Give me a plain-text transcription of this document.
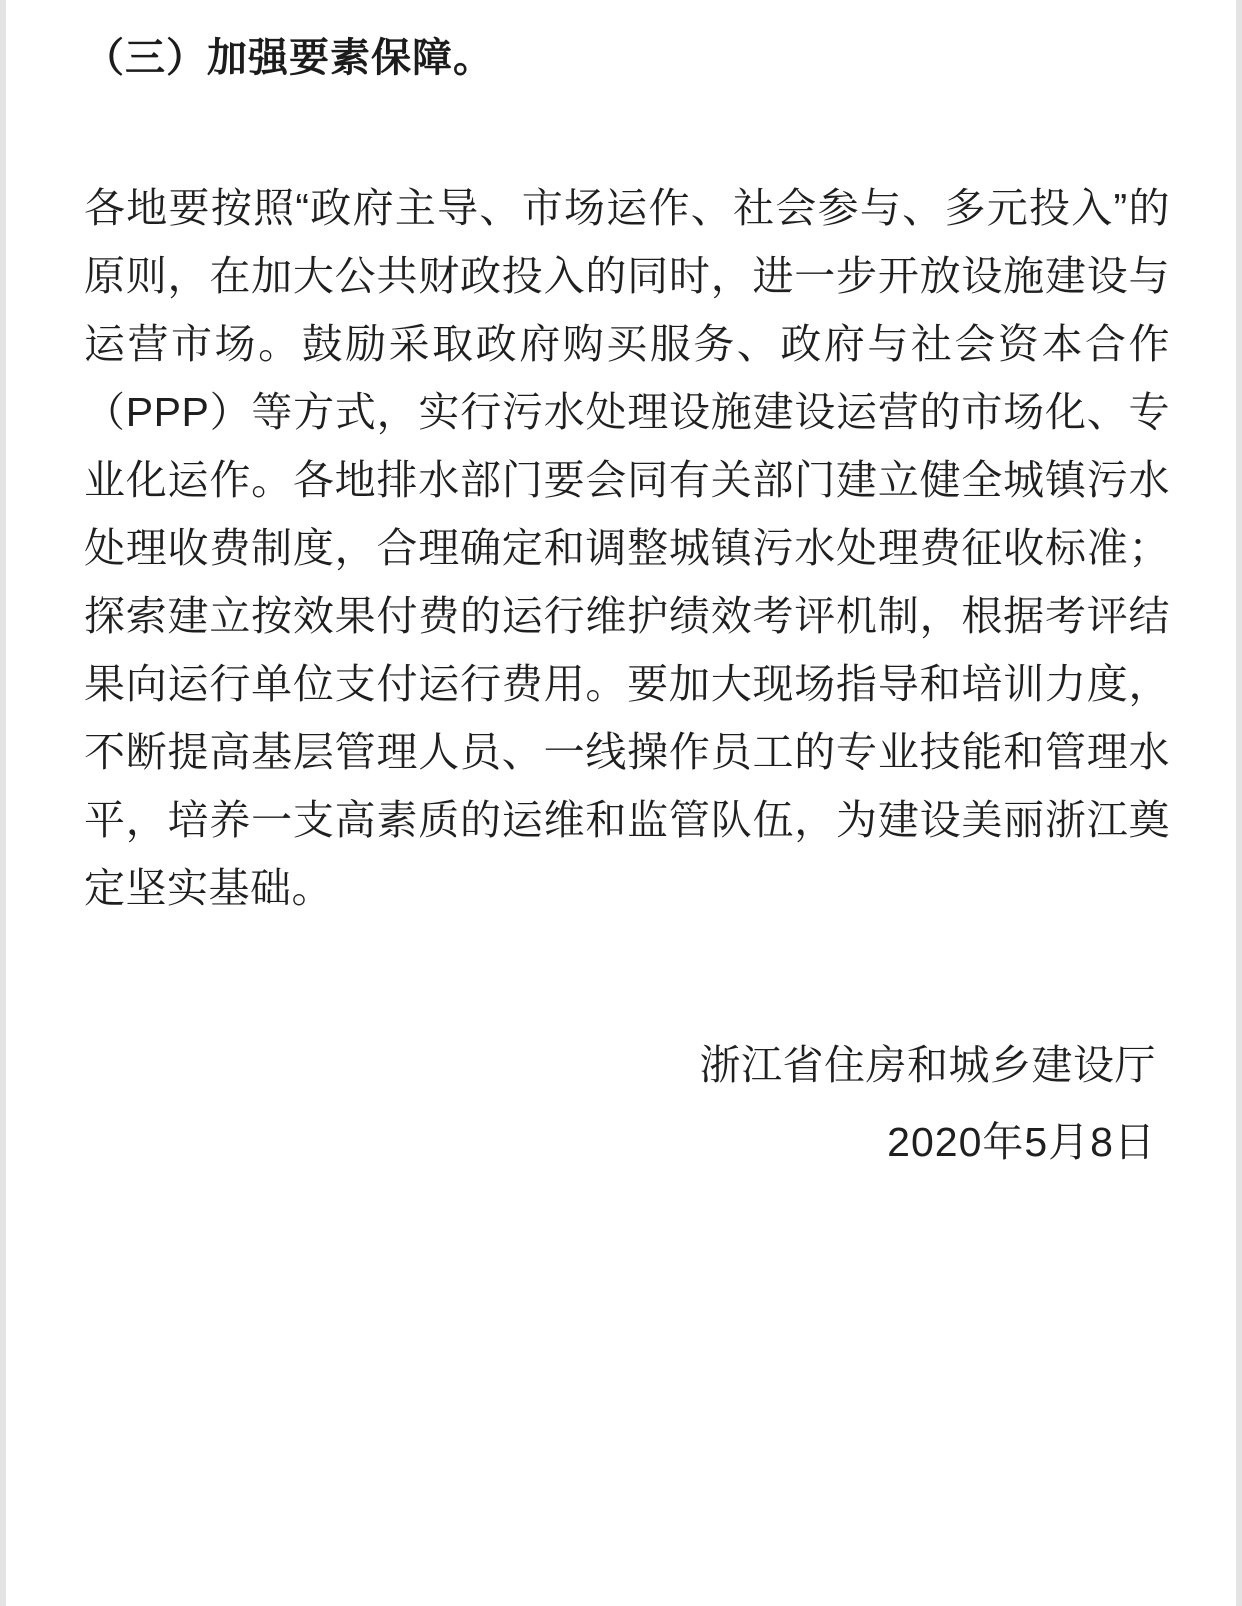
（三）加强要素保障。
各地要按照“政府主导、市场运作、社会参与、多元投入”的原则，在加大公共财政投入的同时，进一步开放设施建设与运营市场。鼓励采取政府购买服务、政府与社会资本合作（PPP）等方式，实行污水处理设施建设运营的市场化、专业化运作。各地排水部门要会同有关部门建立健全城镇污水处理收费制度，合理确定和调整城镇污水处理费征收标准；探索建立按效果付费的运行维护绩效考评机制，根据考评结果向运行单位支付运行费用。要加大现场指导和培训力度，不断提高基层管理人员、一线操作员工的专业技能和管理水平，培养一支高素质的运维和监管队伍，为建设美丽浙江奠定坚实基础。
浙江省住房和城乡建设厅
2020年5月8日
